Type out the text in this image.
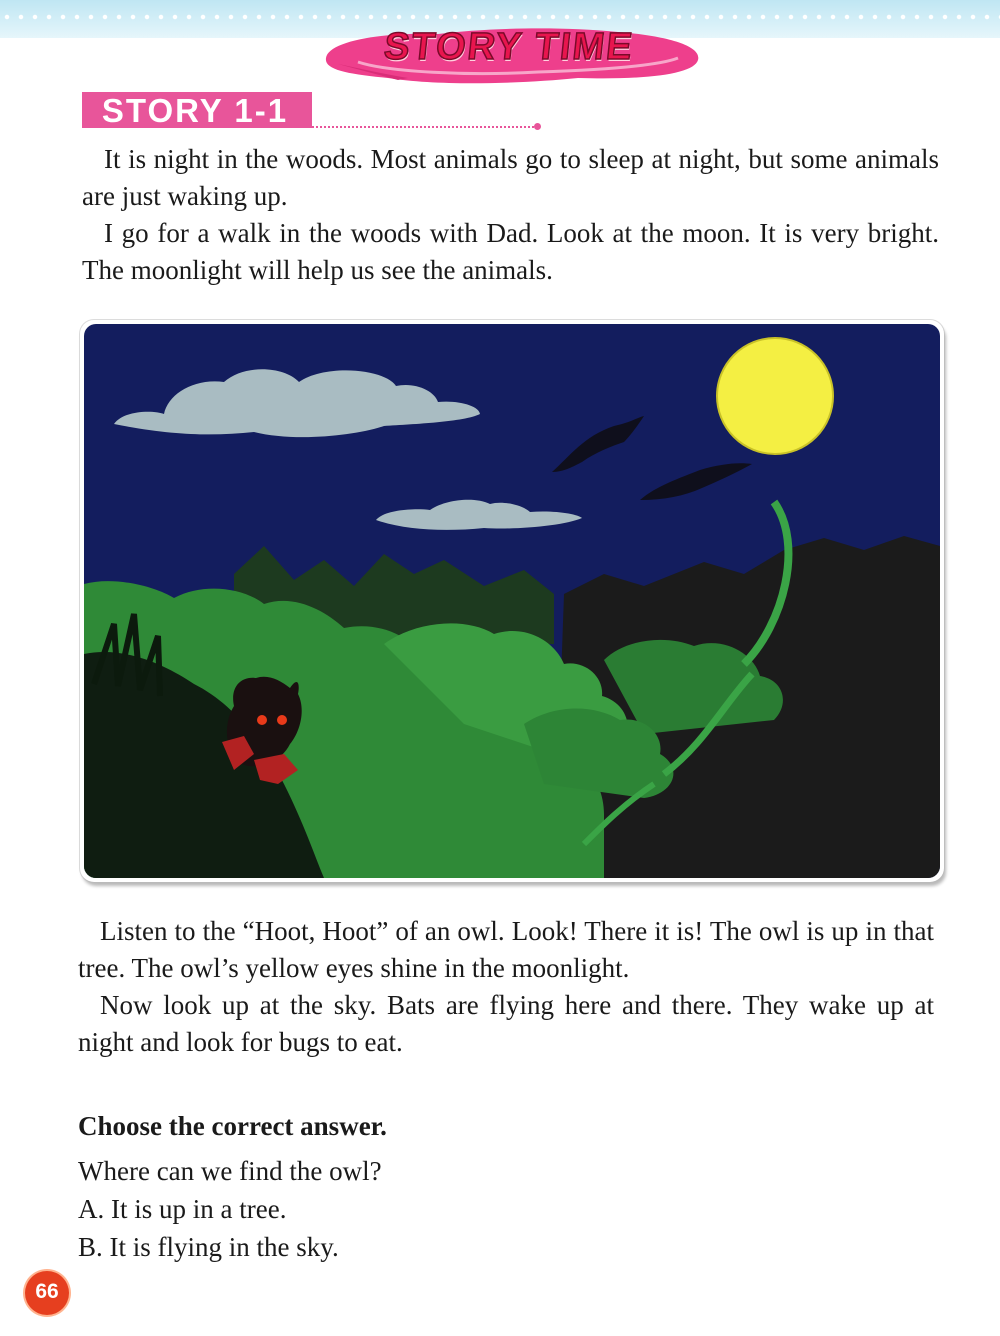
STORY TIME
STORY 1-1

It is night in the woods. Most animals go to sleep at night, but some animals are just waking up.

I go for a walk in the woods with Dad. Look at the moon. It is very bright. The moonlight will help us see the animals.

Listen to the “Hoot, Hoot” of an owl. Look! There it is! The owl is up in that tree. The owl’s yellow eyes shine in the moonlight.

Now look up at the sky. Bats are flying here and there. They wake up at night and look for bugs to eat.

Choose the correct answer.

Where can we find the owl?

A. It is up in a tree.

B. It is flying in the sky.

66
